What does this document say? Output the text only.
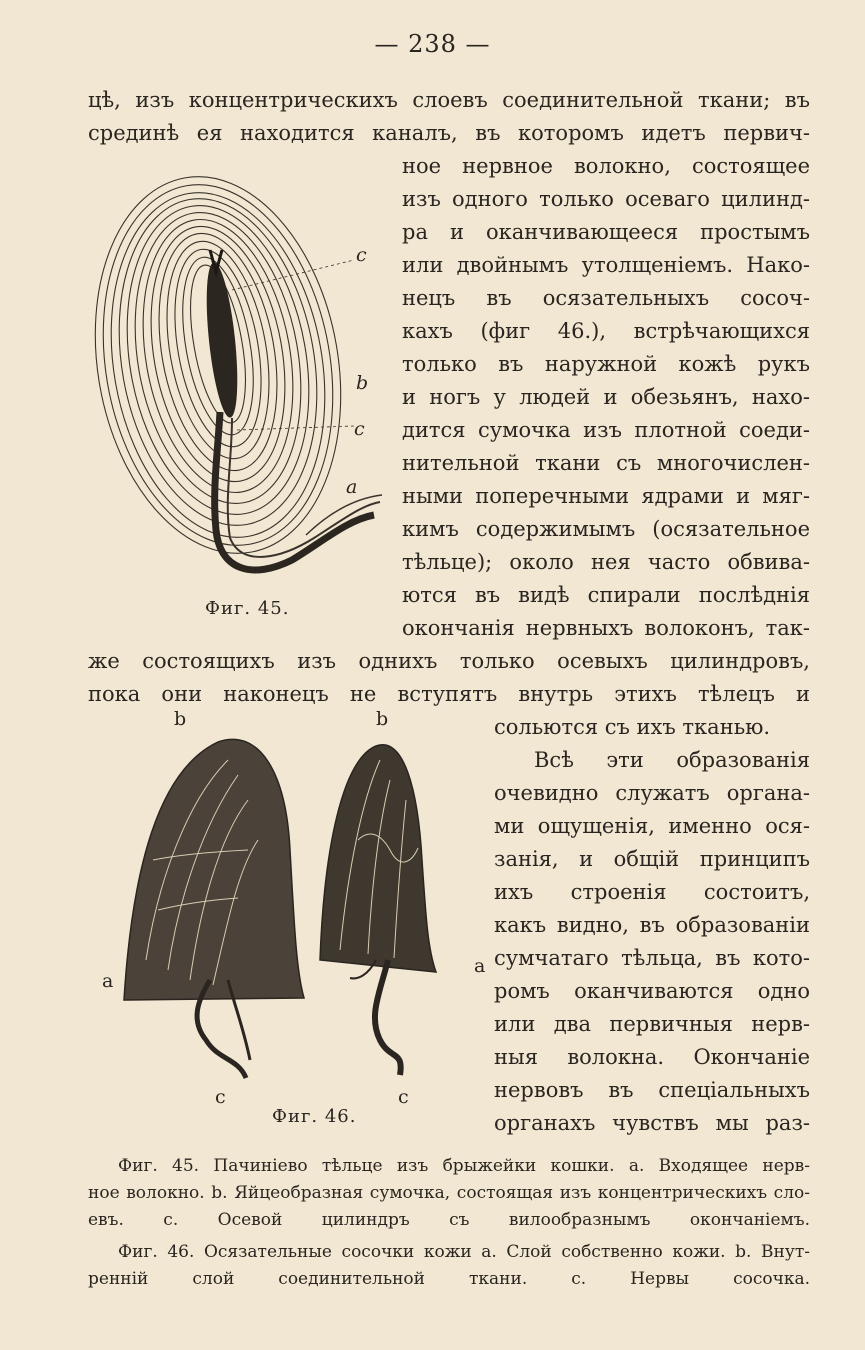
— 238 —
цѣ, изъ концентрическихъ слоевъ соединительной ткани; въ
срединѣ ея находится каналъ, въ которомъ идетъ первич-
ное нервное волокно, состоящее
изъ одного только осеваго цилинд-
ра и оканчивающееся простымъ
или двойнымъ утолщеніемъ. Нако-
нецъ въ осязательныхъ сосоч-
кахъ (фиг 46.), встрѣчающихся
только въ наружной кожѣ рукъ
и ногъ у людей и обезьянъ, нахо-
дится сумочка изъ плотной соеди-
нительной ткани съ многочислен-
ными поперечными ядрами и мяг-
кимъ содержимымъ (осязательное
тѣльце); около нея часто обвива-
ются въ видѣ спирали послѣднія
окончанія нервныхъ волоконъ, так-
же состоящихъ изъ однихъ только осевыхъ цилиндровъ,
пока они наконецъ не вступятъ внутрь этихъ тѣлецъ и
сольются съ ихъ тканью.
Всѣ эти образованія
очевидно служатъ органа-
ми ощущенія, именно ося-
занія, и общій принципъ
ихъ строенія состоитъ,
какъ видно, въ образованіи
сумчатаго тѣльца, въ кото-
ромъ оканчиваются одно
или два первичныя нерв-
ныя волокна. Окончаніе
нервовъ въ спеціальныхъ
органахъ чувствъ мы раз-
c
b
c
a
Фиг. 45.
b	b
a
a
c	c
Фиг. 46.
Фиг. 45. Пачиніево тѣльце изъ брыжейки кошки. а. Входящее нерв-
ное волокно. b. Яйцеобразная сумочка, состоящая изъ концентрическихъ сло-
евъ. с. Осевой цилиндръ съ вилообразнымъ окончаніемъ.
Фиг. 46. Осязательные сосочки кожи а. Слой собственно кожи. b. Внут-
ренній слой соединительной ткани. с. Нервы сосочка.
